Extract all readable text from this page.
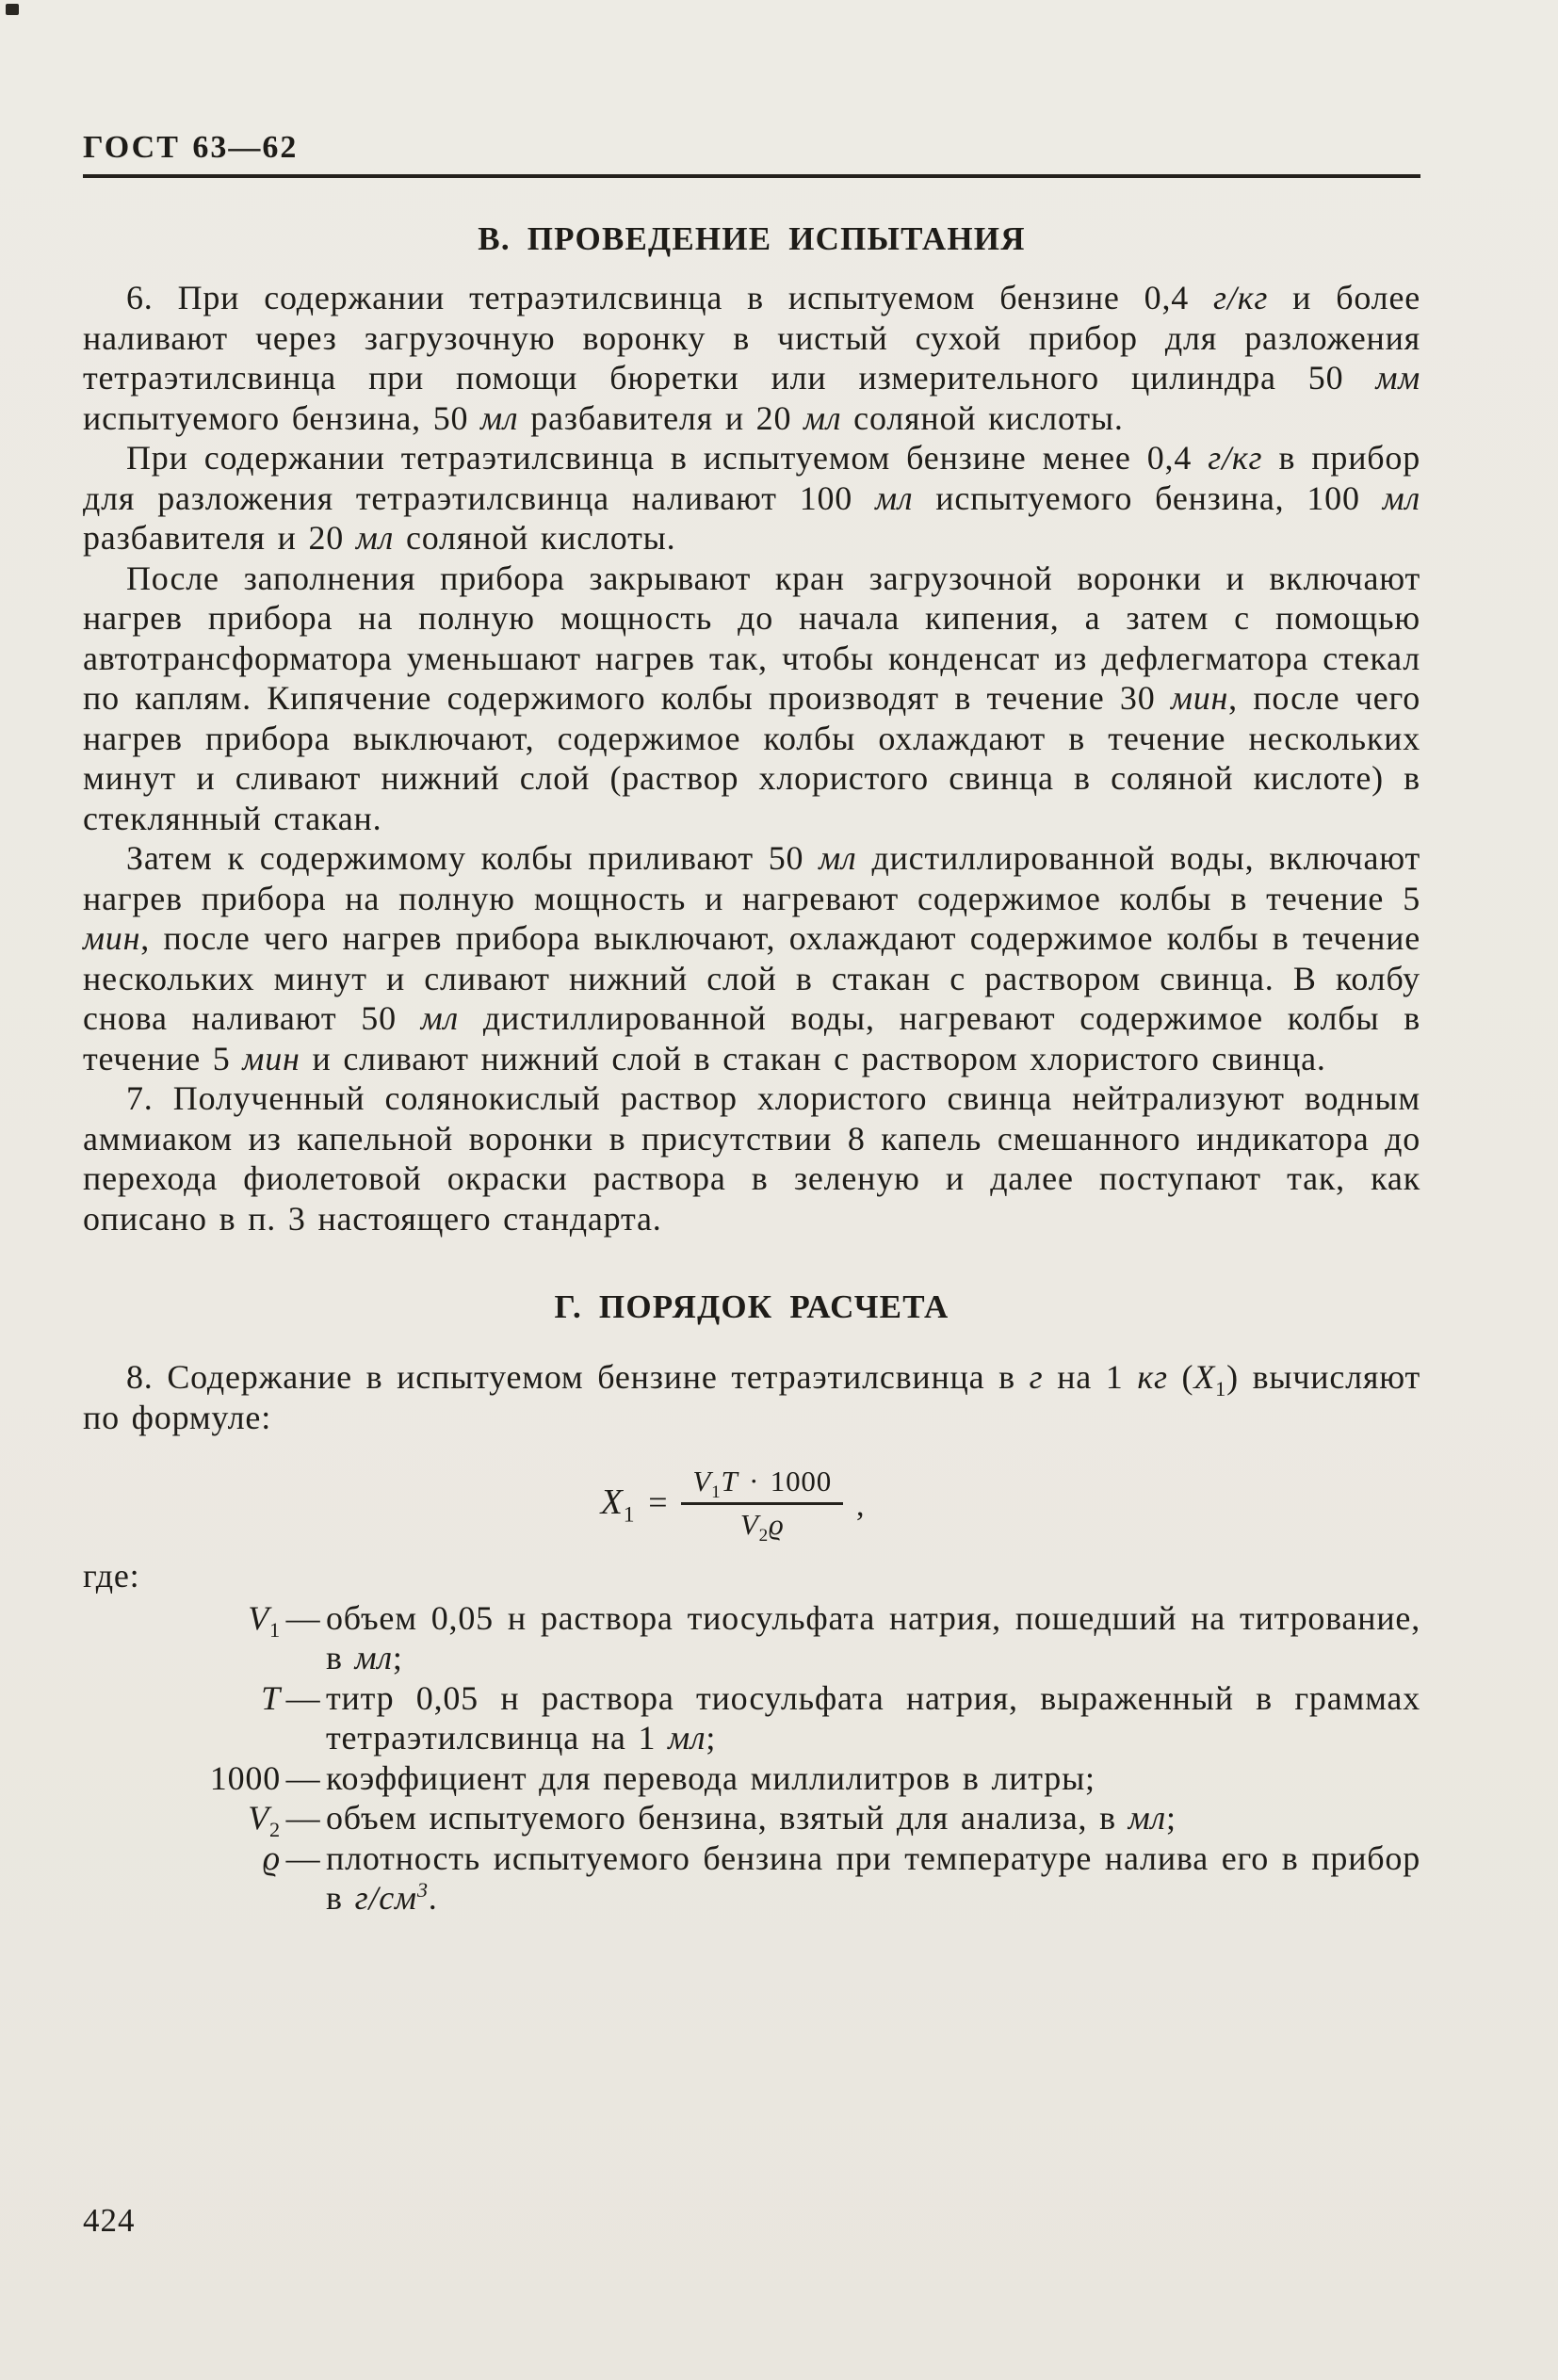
ГОСТ 63—62
В. ПРОВЕДЕНИЕ ИСПЫТАНИЯ

6. При содержании тетраэтилсвинца в испытуемом бензине 0,4 г/кг и более наливают через загрузочную воронку в чистый сухой прибор для разложения тетраэтилсвинца при помощи бюретки или измерительного цилиндра 50 мм испытуемого бензина, 50 мл разбавителя и 20 мл соляной кислоты.

При содержании тетраэтилсвинца в испытуемом бензине менее 0,4 г/кг в прибор для разложения тетраэтилсвинца наливают 100 мл испытуемого бензина, 100 мл разбавителя и 20 мл соляной кислоты.

После заполнения прибора закрывают кран загрузочной воронки и включают нагрев прибора на полную мощность до начала кипения, а затем с помощью автотрансформатора уменьшают нагрев так, чтобы конденсат из дефлегматора стекал по каплям. Кипячение содержимого колбы производят в течение 30 мин, после чего нагрев прибора выключают, содержимое колбы охлаждают в течение нескольких минут и сливают нижний слой (раствор хлористого свинца в соляной кислоте) в стеклянный стакан.

Затем к содержимому колбы приливают 50 мл дистиллированной воды, включают нагрев прибора на полную мощность и нагревают содержимое колбы в течение 5 мин, после чего нагрев прибора выключают, охлаждают содержимое колбы в течение нескольких минут и сливают нижний слой в стакан с раствором свинца. В колбу снова наливают 50 мл дистиллированной воды, нагревают содержимое колбы в течение 5 мин и сливают нижний слой в стакан с раствором хлористого свинца.

7. Полученный солянокислый раствор хлористого свинца нейтрализуют водным аммиаком из капельной воронки в присутствии 8 капель смешанного индикатора до перехода фиолетовой окраски раствора в зеленую и далее поступают так, как описано в п. 3 настоящего стандарта.

Г. ПОРЯДОК РАСЧЕТА

8. Содержание в испытуемом бензине тетраэтилсвинца в г на 1 кг $(X_1)$ вычисляют по формуле:

$X_1 = \frac{V_1T \cdot 1000}{V_2ϱ}$ ,
где:
$V_1$ — объем 0,05 н раствора тиосульфата натрия, пошедший на титрование, в мл;
T — титр 0,05 н раствора тиосульфата натрия, выраженный в граммах тетраэтилсвинца на 1 мл;
1000 — коэффициент для перевода миллилитров в литры;
$V_2$ — объем испытуемого бензина, взятый для анализа, в мл;
ϱ — плотность испытуемого бензина при температуре налива его в прибор в $г/см^3$.
424
